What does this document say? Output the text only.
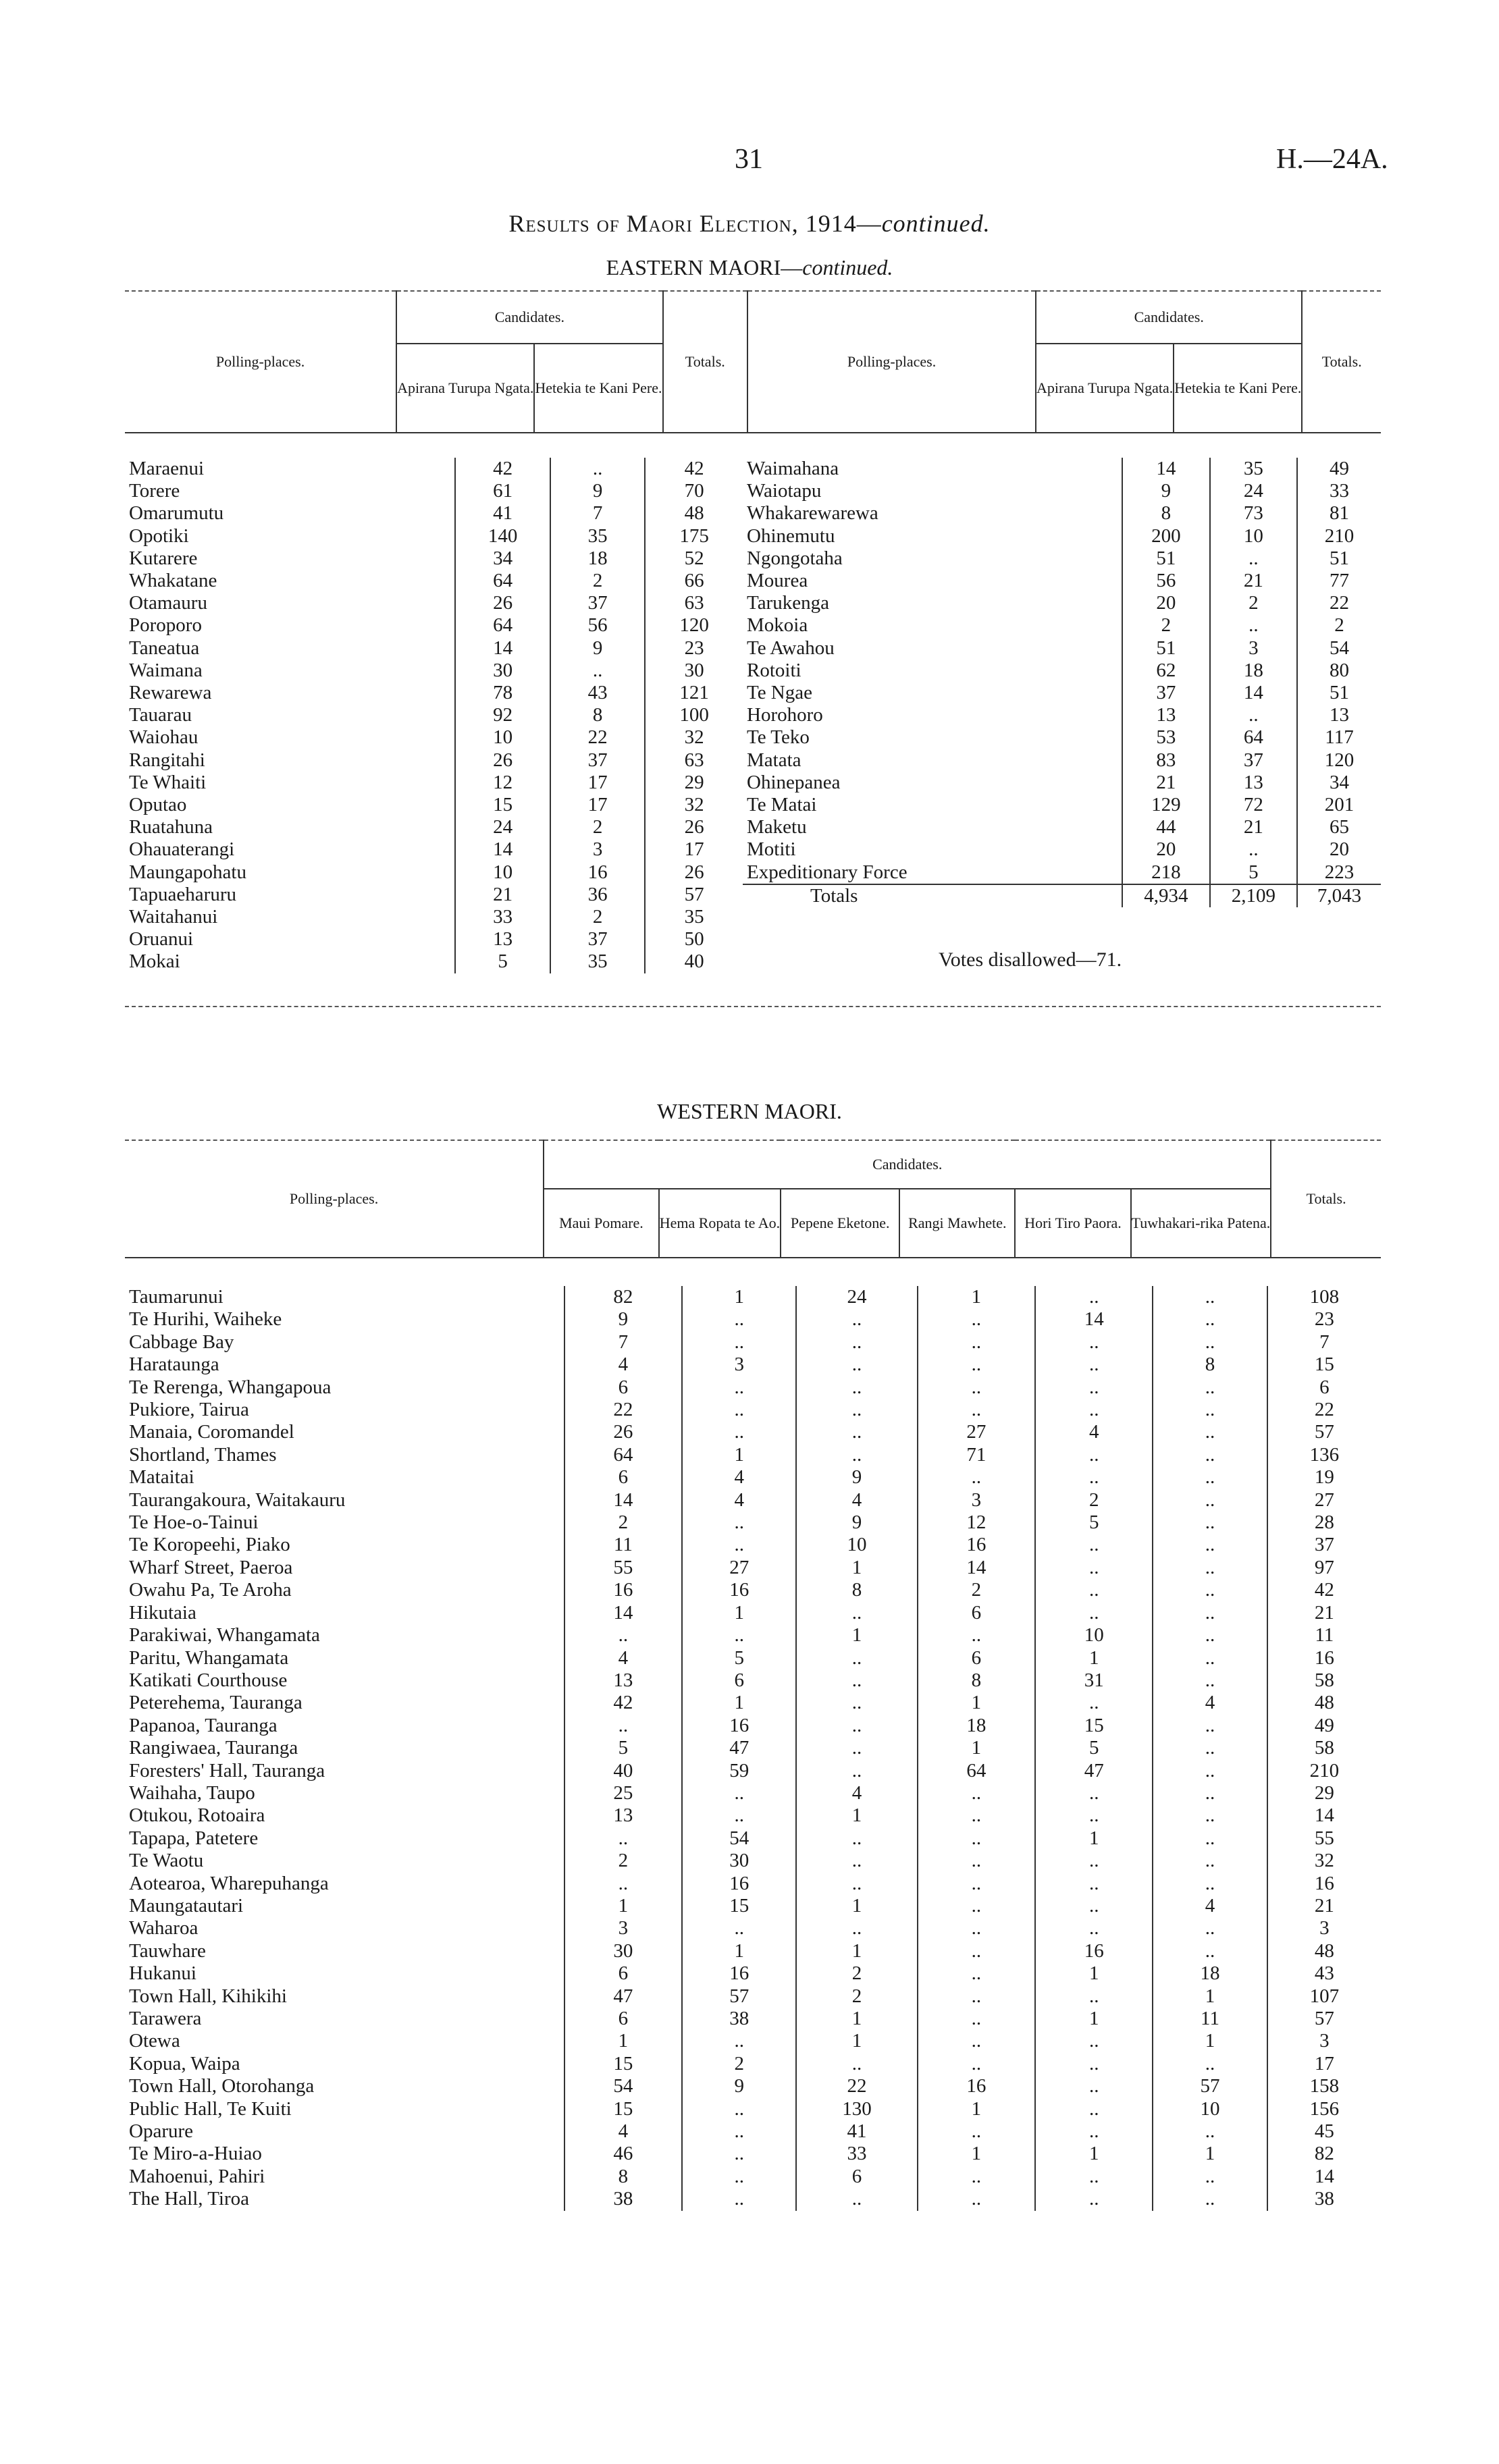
31	H.—24A.
Results of Maori Election, 1914—continued.
EASTERN MAORI—continued.
Polling-places.	Candidates.		Totals.	Polling-places.	Candidates.		Totals.
	Apirana Turupa Ngata.	Hetekia te Kani Pere.			Apirana Turupa Ngata.	Hetekia te Kani Pere.	
Maraenui	42	..	42
Torere	61	9	70
Omarumutu	41	7	48
Opotiki	140	35	175
Kutarere	34	18	52
Whakatane	64	2	66
Otamauru	26	37	63
Poroporo	64	56	120
Taneatua	14	9	23
Waimana	30	..	30
Rewarewa	78	43	121
Tauarau	92	8	100
Waiohau	10	22	32
Rangitahi	26	37	63
Te Whaiti	12	17	29
Oputao	15	17	32
Ruatahuna	24	2	26
Ohauaterangi	14	3	17
Maungapohatu	10	16	26
Tapuaeharuru	21	36	57
Waitahanui	33	2	35
Oruanui	13	37	50
Mokai	5	35	40
Waimahana	14	35	49
Waiotapu	9	24	33
Whakarewarewa	8	73	81
Ohinemutu	200	10	210
Ngongotaha	51	..	51
Mourea	56	21	77
Tarukenga	20	2	22
Mokoia	2	..	2
Te Awahou	51	3	54
Rotoiti	62	18	80
Te Ngae	37	14	51
Horohoro	13	..	13
Te Teko	53	64	117
Matata	83	37	120
Ohinepanea	21	13	34
Te Matai	129	72	201
Maketu	44	21	65
Motiti	20	..	20
Expeditionary Force	218	5	223
Totals	4,934	2,109	7,043
Votes disallowed—71.
WESTERN MAORI.
Polling-places.	Candidates.						Totals.
	Maui Pomare.	Hema Ropata te Ao.	Pepene Eketone.	Rangi Mawhete.	Hori Tiro Paora.	Tuwhakari-rika Patena.	
Taumarunui	82	1	24	1	..	..	108
Te Hurihi, Waiheke	9	..	..	..	14	..	23
Cabbage Bay	7	..	..	..	..	..	7
Harataunga	4	3	..	..	..	8	15
Te Rerenga, Whangapoua	6	..	..	..	..	..	6
Pukiore, Tairua	22	..	..	..	..	..	22
Manaia, Coromandel	26	..	..	27	4	..	57
Shortland, Thames	64	1	..	71	..	..	136
Mataitai	6	4	9	..	..	..	19
Taurangakoura, Waitakauru	14	4	4	3	2	..	27
Te Hoe-o-Tainui	2	..	9	12	5	..	28
Te Koropeehi, Piako	11	..	10	16	..	..	37
Wharf Street, Paeroa	55	27	1	14	..	..	97
Owahu Pa, Te Aroha	16	16	8	2	..	..	42
Hikutaia	14	1	..	6	..	..	21
Parakiwai, Whangamata	..	..	1	..	10	..	11
Paritu, Whangamata	4	5	..	6	1	..	16
Katikati Courthouse	13	6	..	8	31	..	58
Peterehema, Tauranga	42	1	..	1	..	4	48
Papanoa, Tauranga	..	16	..	18	15	..	49
Rangiwaea, Tauranga	5	47	..	1	5	..	58
Foresters' Hall, Tauranga	40	59	..	64	47	..	210
Waihaha, Taupo	25	..	4	..	..	..	29
Otukou, Rotoaira	13	..	1	..	..	..	14
Tapapa, Patetere	..	54	..	..	1	..	55
Te Waotu	2	30	..	..	..	..	32
Aotearoa, Wharepuhanga	..	16	..	..	..	..	16
Maungatautari	1	15	1	..	..	4	21
Waharoa	3	..	..	..	..	..	3
Tauwhare	30	1	1	..	16	..	48
Hukanui	6	16	2	..	1	18	43
Town Hall, Kihikihi	47	57	2	..	..	1	107
Tarawera	6	38	1	..	1	11	57
Otewa	1	..	1	..	..	1	3
Kopua, Waipa	15	2	..	..	..	..	17
Town Hall, Otorohanga	54	9	22	16	..	57	158
Public Hall, Te Kuiti	15	..	130	1	..	10	156
Oparure	4	..	41	..	..	..	45
Te Miro-a-Huiao	46	..	33	1	1	1	82
Mahoenui, Pahiri	8	..	6	..	..	..	14
The Hall, Tiroa	38	..	..	..	..	..	38
